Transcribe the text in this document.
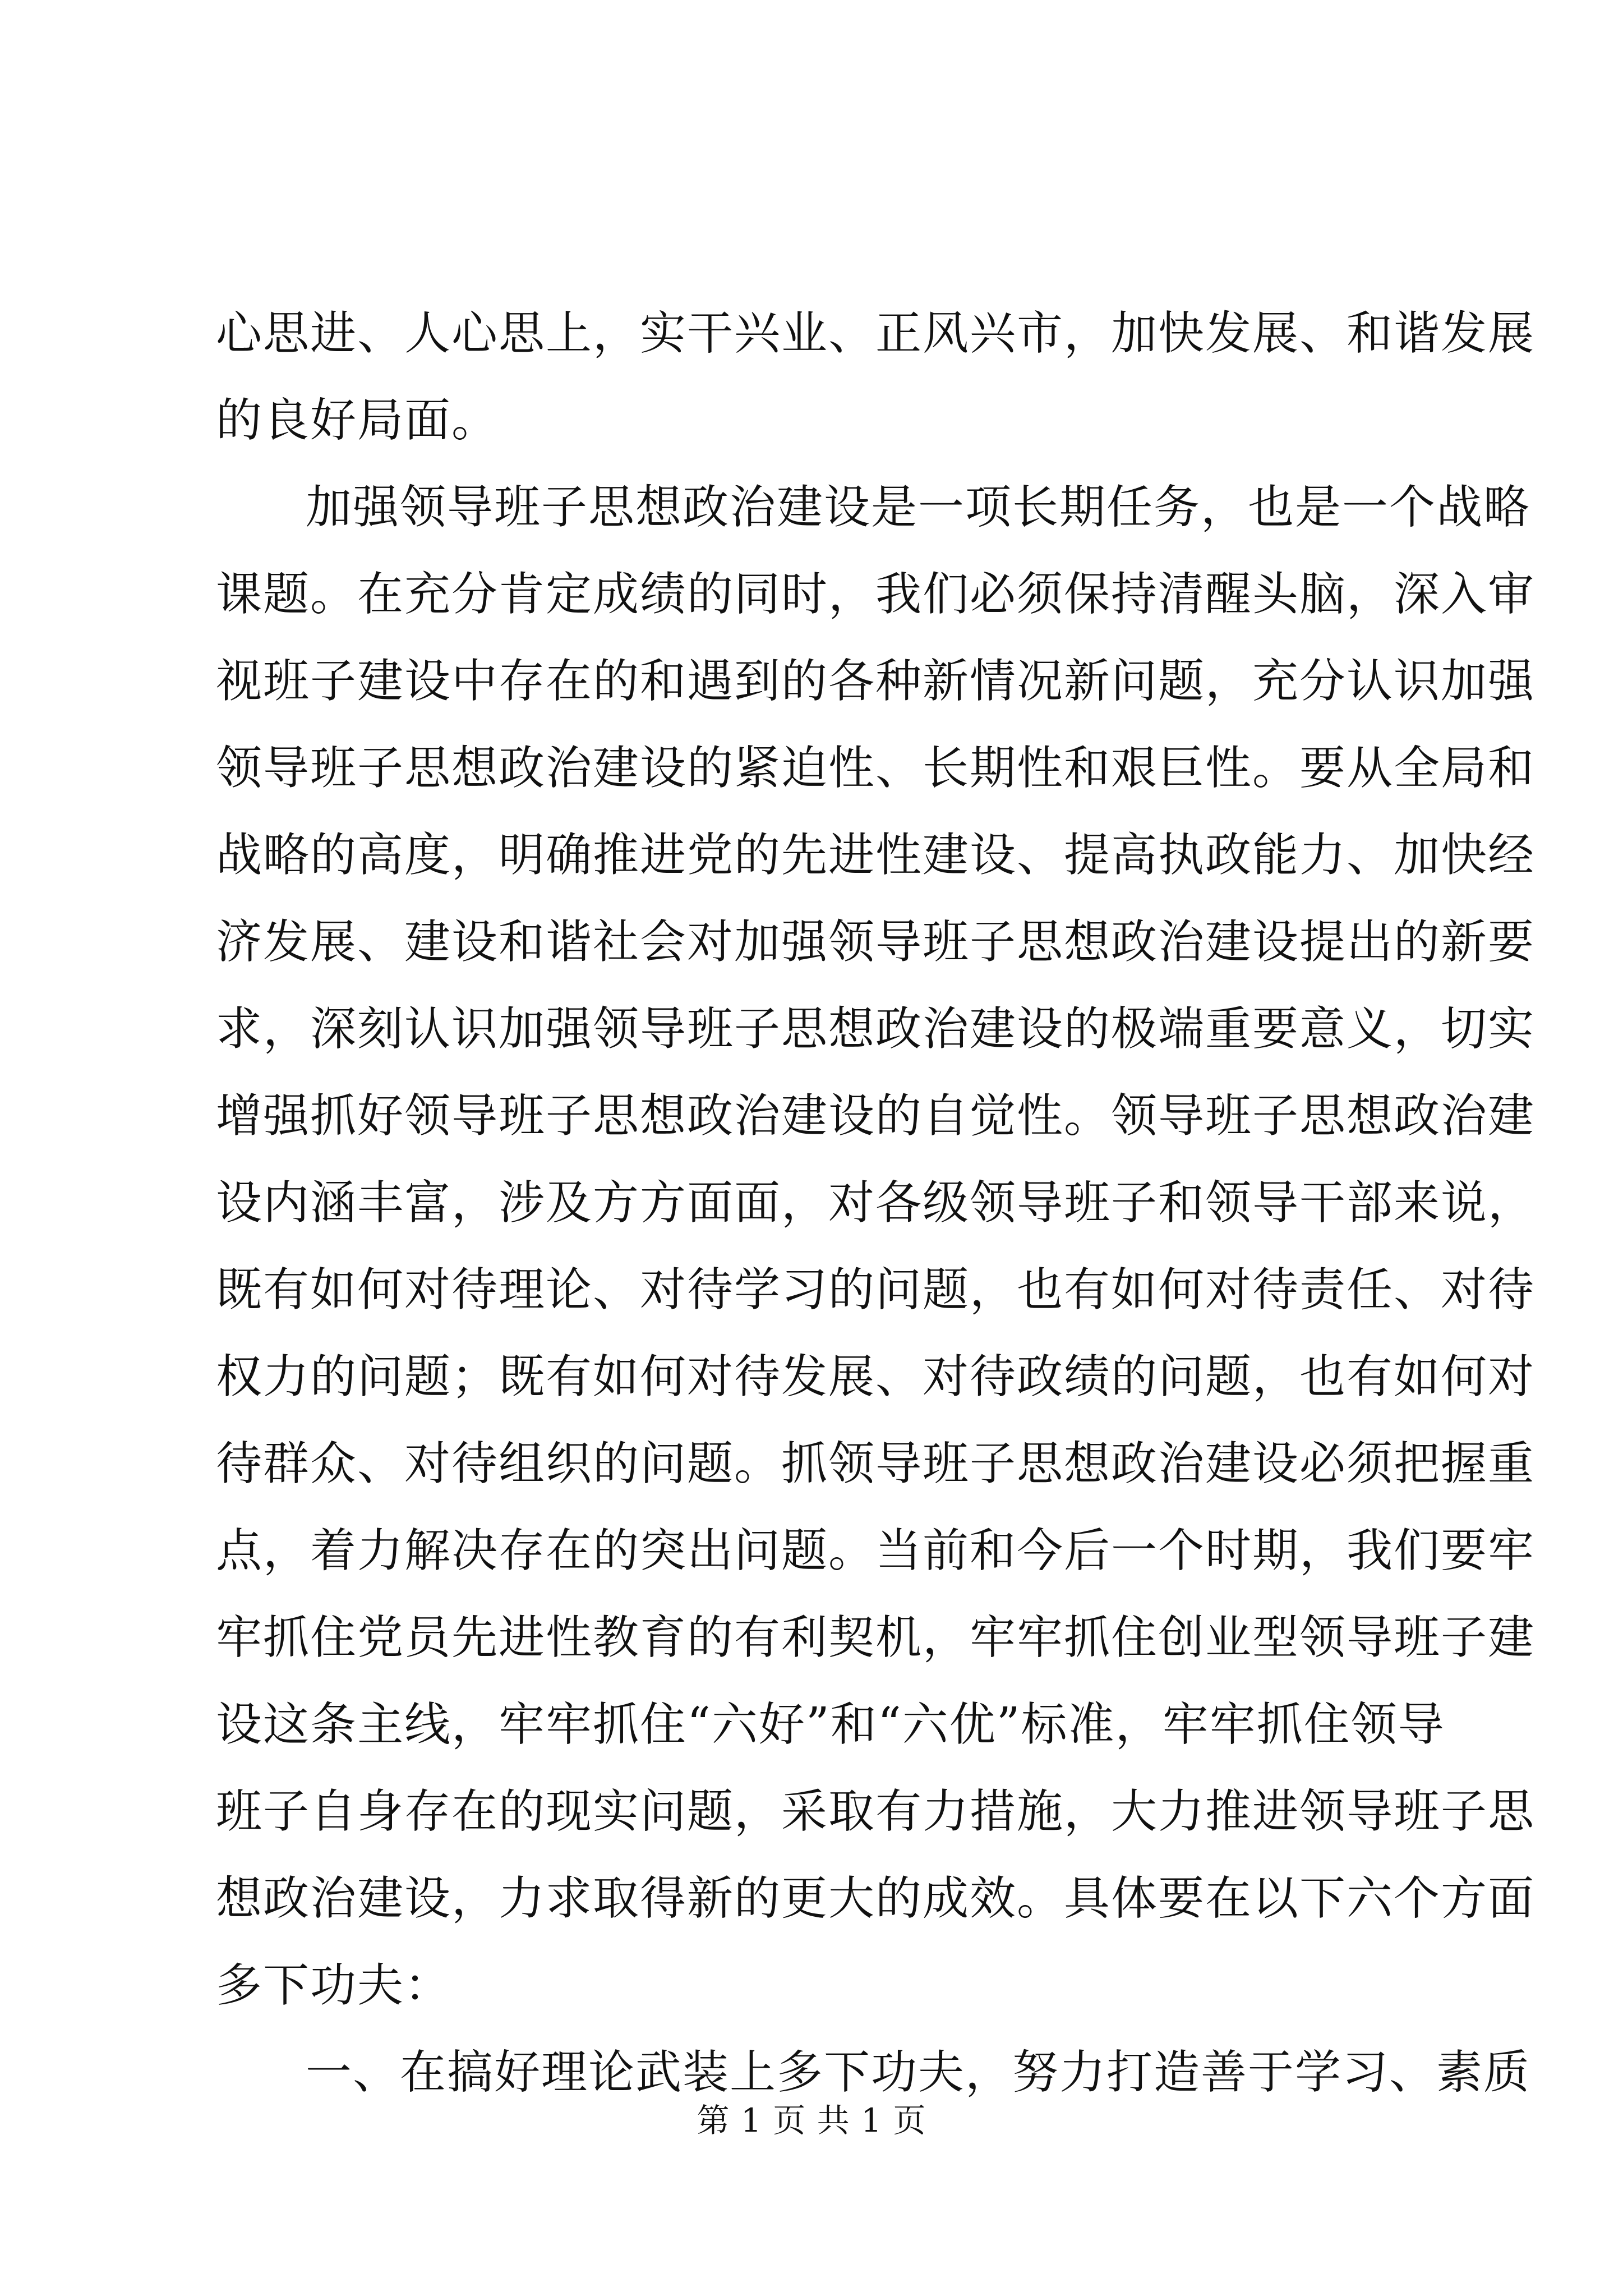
心思进、人心思上，实干兴业、正风兴市，加快发展、和谐发展
的良好局面。
加强领导班子思想政治建设是一项长期任务，也是一个战略
课题。在充分肯定成绩的同时，我们必须保持清醒头脑，深入审
视班子建设中存在的和遇到的各种新情况新问题，充分认识加强
领导班子思想政治建设的紧迫性、长期性和艰巨性。要从全局和
战略的高度，明确推进党的先进性建设、提高执政能力、加快经
济发展、建设和谐社会对加强领导班子思想政治建设提出的新要
求，深刻认识加强领导班子思想政治建设的极端重要意义，切实
增强抓好领导班子思想政治建设的自觉性。领导班子思想政治建
设内涵丰富，涉及方方面面，对各级领导班子和领导干部来说，
既有如何对待理论、对待学习的问题，也有如何对待责任、对待
权力的问题；既有如何对待发展、对待政绩的问题，也有如何对
待群众、对待组织的问题。抓领导班子思想政治建设必须把握重
点，着力解决存在的突出问题。当前和今后一个时期，我们要牢
牢抓住党员先进性教育的有利契机，牢牢抓住创业型领导班子建
设这条主线，牢牢抓住“六好”和“六优”标准，牢牢抓住领导
班子自身存在的现实问题，采取有力措施，大力推进领导班子思
想政治建设，力求取得新的更大的成效。具体要在以下六个方面
多下功夫：
一、在搞好理论武装上多下功夫，努力打造善于学习、素质
第 1 页 共 1 页
